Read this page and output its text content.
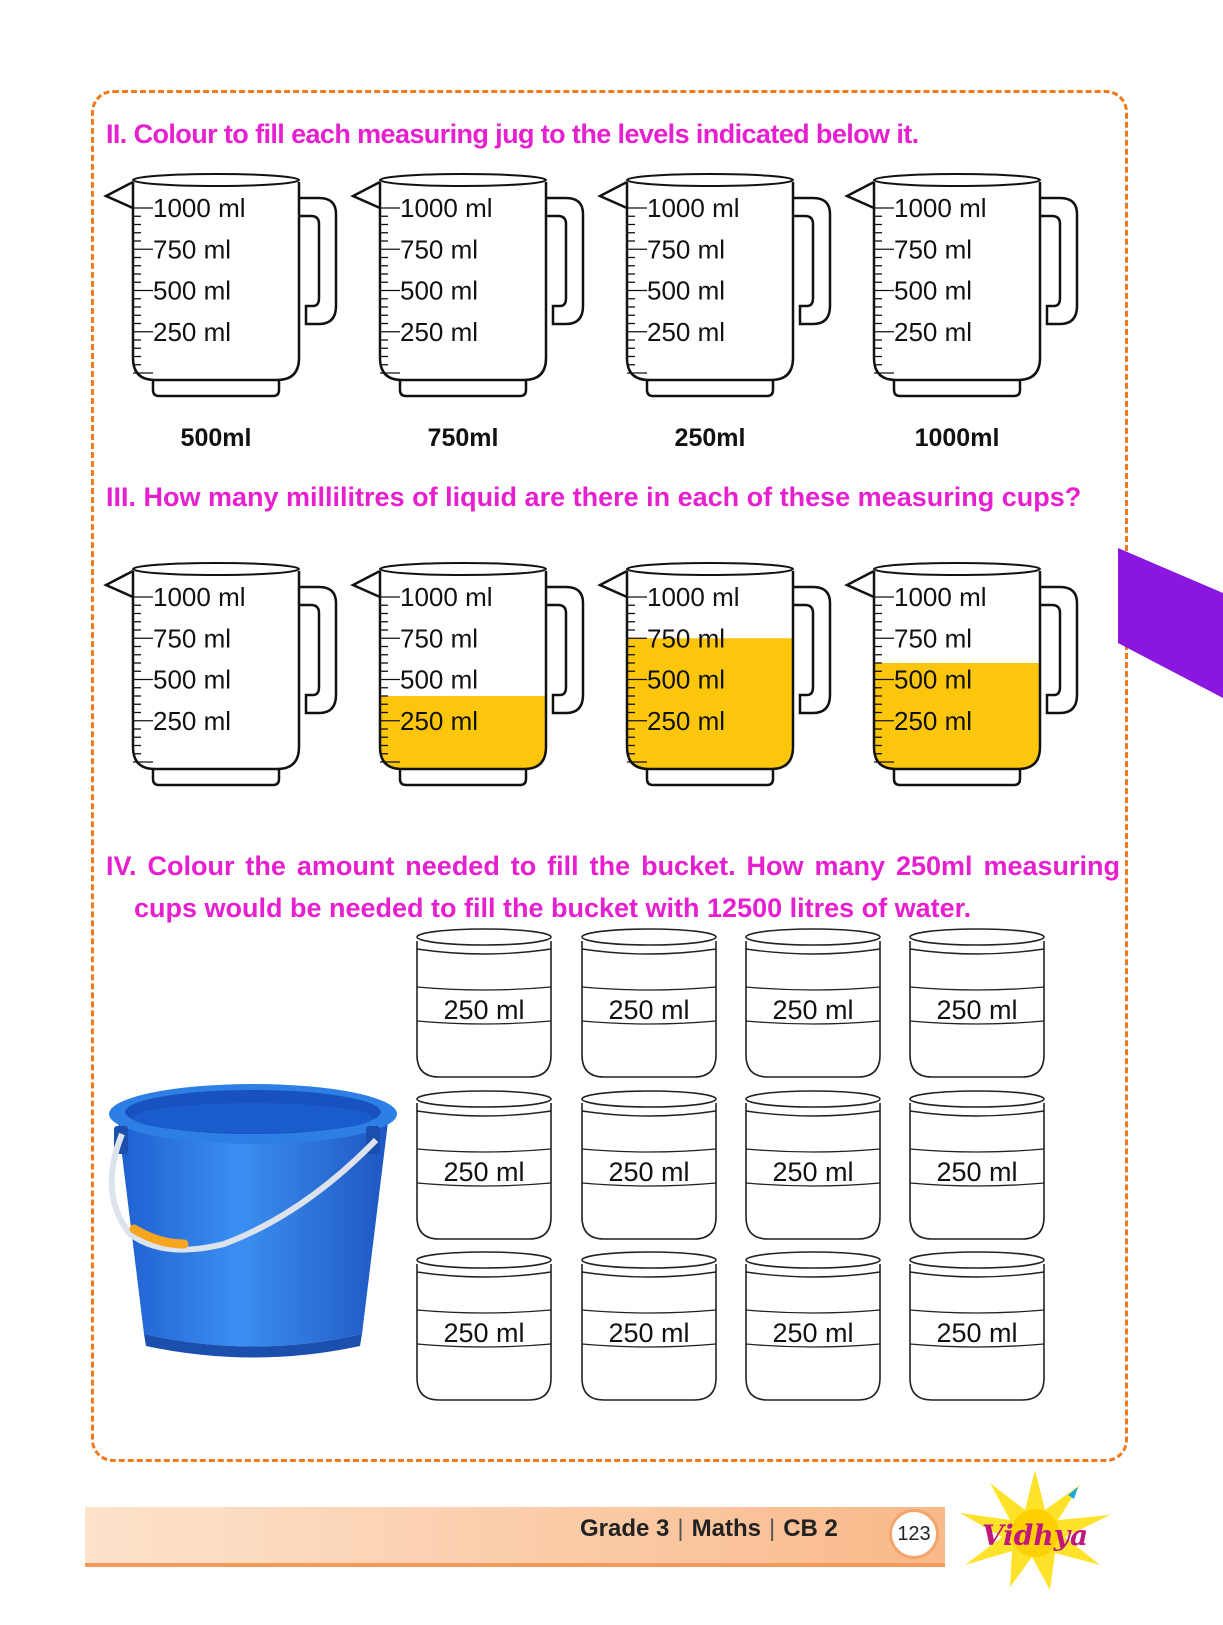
II. Colour to fill each measuring jug to the levels indicated below it.

1000 ml
750 ml
500 ml
250 ml
500ml
1000 ml
750 ml
500 ml
250 ml
750ml
1000 ml
750 ml
500 ml
250 ml
250ml
1000 ml
750 ml
500 ml
250 ml
1000ml

III. How many millilitres of liquid are there in each of these measuring cups?

1000 ml
750 ml
500 ml
250 ml
1000 ml
750 ml
500 ml
250 ml
1000 ml
750 ml
500 ml
250 ml
1000 ml
750 ml
500 ml
250 ml

IV. Colour the amount needed to fill the bucket. How many 250ml measuring cups would be needed to fill the bucket with 12500 litres of water.

250 ml	250 ml	250 ml	250 ml
250 ml	250 ml	250 ml	250 ml
250 ml	250 ml	250 ml	250 ml
Grade 3 | Maths | CB 2	123 Vidhya
